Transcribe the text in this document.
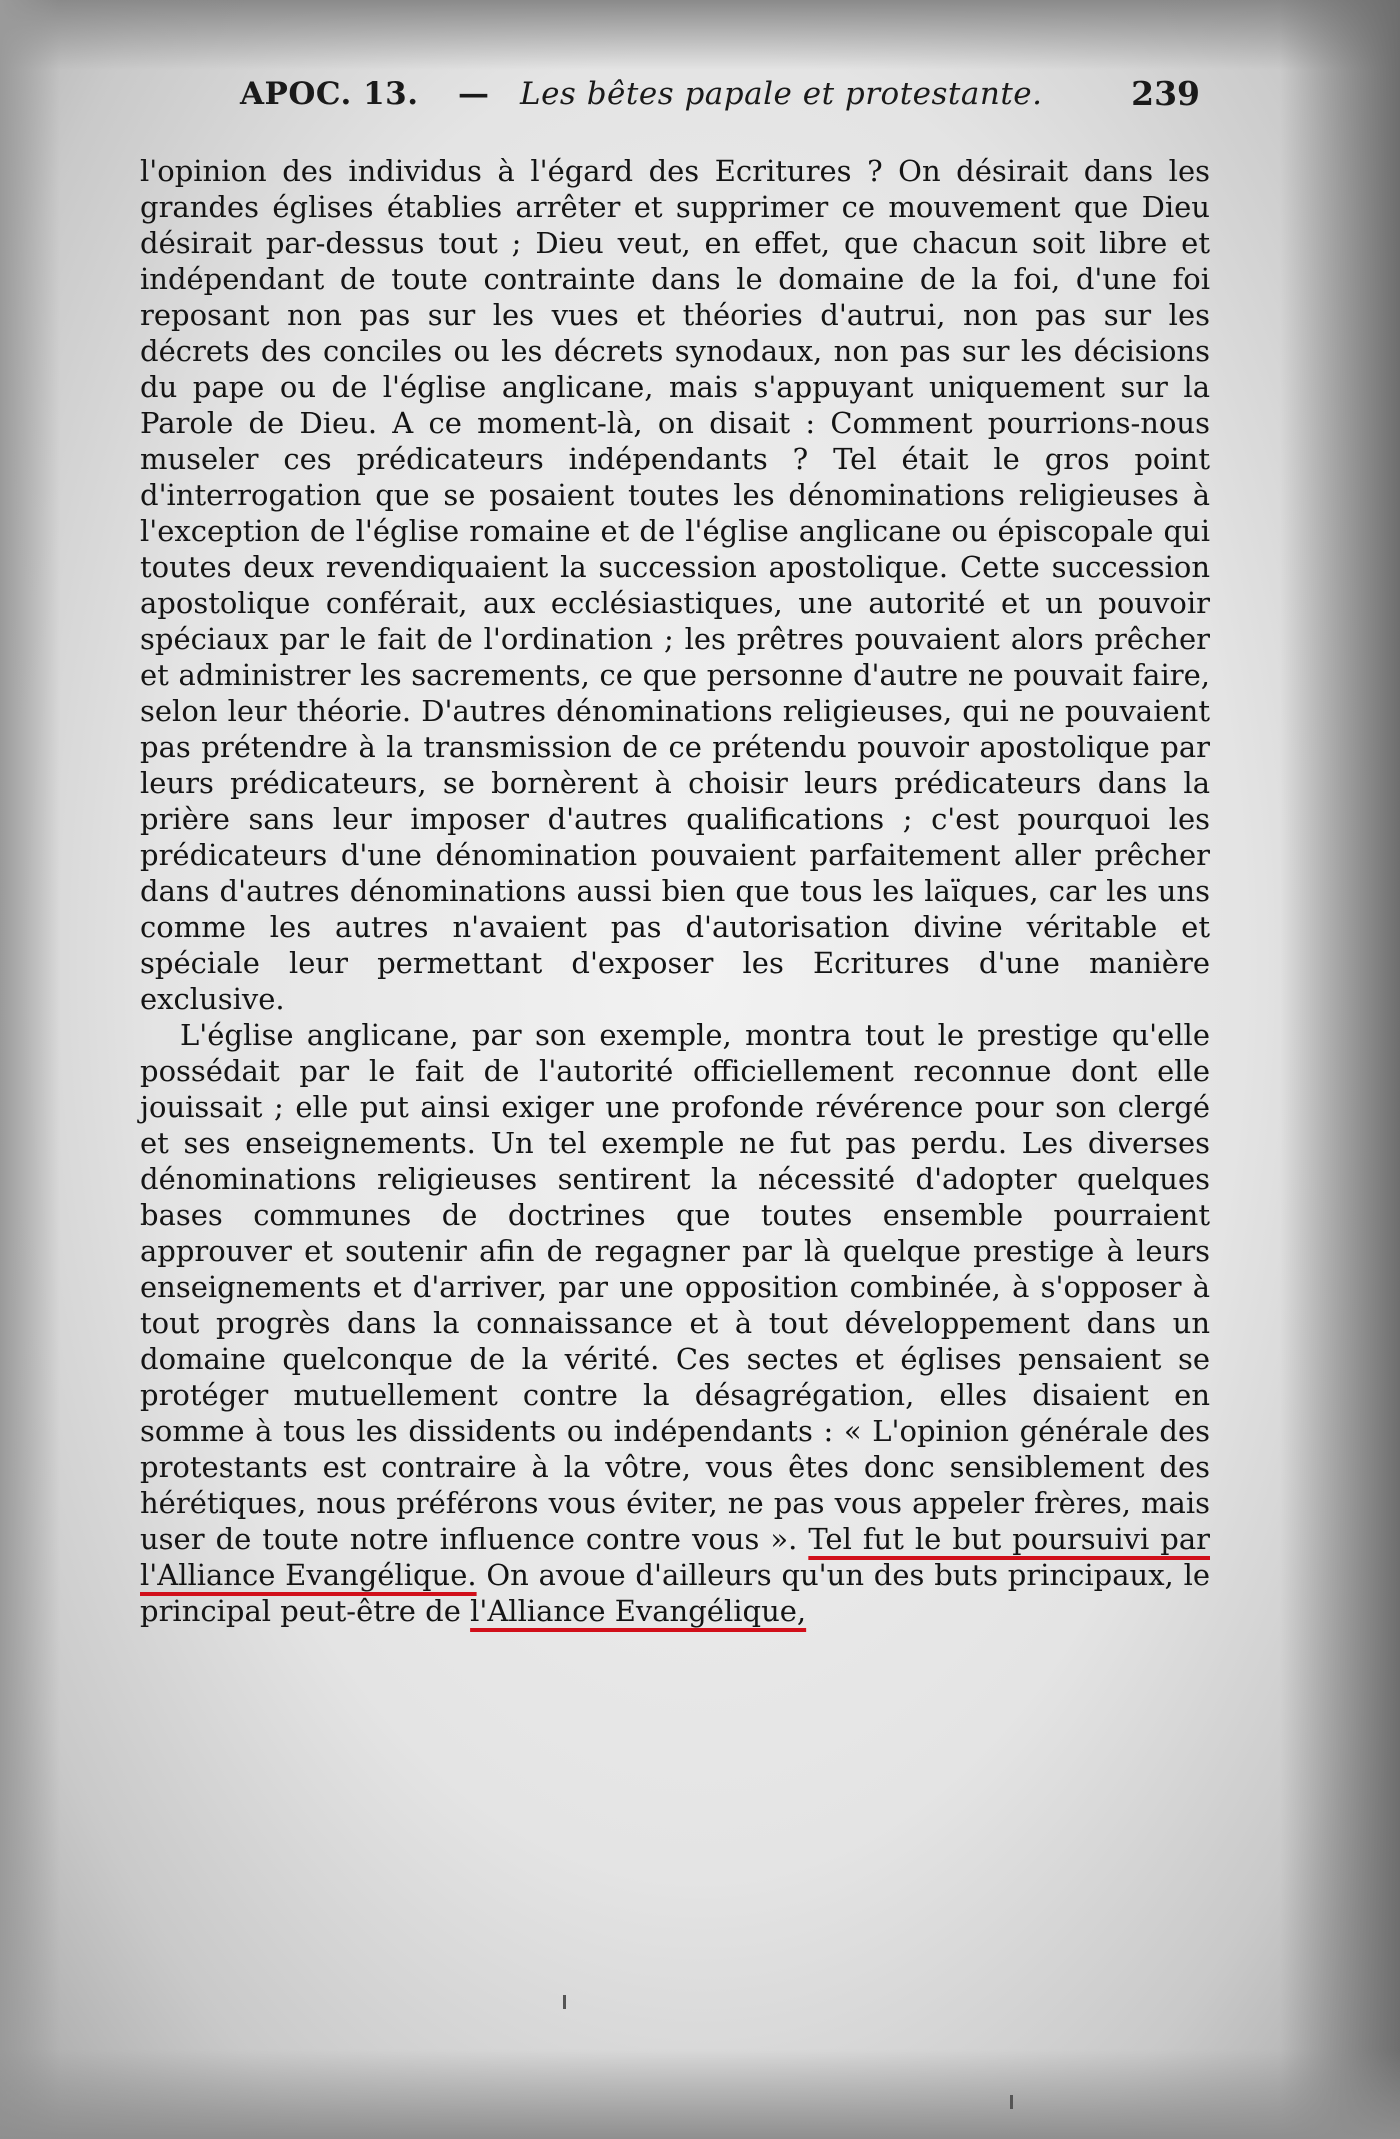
APOC. 13. — Les bêtes papale et protestante.	239

l'opinion des individus à l'égard des Ecritures ? On désirait dans les grandes églises établies arrêter et supprimer ce mouvement que Dieu désirait par-dessus tout ; Dieu veut, en effet, que chacun soit libre et indépendant de toute contrainte dans le domaine de la foi, d'une foi reposant non pas sur les vues et théories d'autrui, non pas sur les décrets des conciles ou les décrets synodaux, non pas sur les décisions du pape ou de l'église anglicane, mais s'appuyant uniquement sur la Parole de Dieu. A ce moment-là, on disait : Comment pourrions-nous museler ces prédicateurs indépendants ? Tel était le gros point d'interrogation que se posaient toutes les dénominations religieuses à l'exception de l'église romaine et de l'église anglicane ou épiscopale qui toutes deux revendiquaient la succession apostolique. Cette succession apostolique conférait, aux ecclésiastiques, une autorité et un pouvoir spéciaux par le fait de l'ordination ; les prêtres pouvaient alors prêcher et administrer les sacrements, ce que personne d'autre ne pouvait faire, selon leur théorie. D'autres dénominations religieuses, qui ne pouvaient pas prétendre à la transmission de ce prétendu pouvoir apostolique par leurs prédicateurs, se bornèrent à choisir leurs prédicateurs dans la prière sans leur imposer d'autres qualifications ; c'est pourquoi les prédicateurs d'une dénomination pouvaient parfaitement aller prêcher dans d'autres dénominations aussi bien que tous les laïques, car les uns comme les autres n'avaient pas d'autorisation divine véritable et spéciale leur permettant d'exposer les Ecritures d'une manière exclusive.

L'église anglicane, par son exemple, montra tout le prestige qu'elle possédait par le fait de l'autorité officiellement reconnue dont elle jouissait ; elle put ainsi exiger une profonde révérence pour son clergé et ses enseignements. Un tel exemple ne fut pas perdu. Les diverses dénominations religieuses sentirent la nécessité d'adopter quelques bases communes de doctrines que toutes ensemble pourraient approuver et soutenir afin de regagner par là quelque prestige à leurs enseignements et d'arriver, par une opposition combinée, à s'opposer à tout progrès dans la connaissance et à tout développement dans un domaine quelconque de la vérité. Ces sectes et églises pensaient se protéger mutuellement contre la désagrégation, elles disaient en somme à tous les dissidents ou indépendants : « L'opinion générale des protestants est contraire à la vôtre, vous êtes donc sensiblement des hérétiques, nous préférons vous éviter, ne pas vous appeler frères, mais user de toute notre influence contre vous ». Tel fut le but poursuivi par l'Alliance Evangélique. On avoue d'ailleurs qu'un des buts principaux, le principal peut-être de l'Alliance Evangélique,
